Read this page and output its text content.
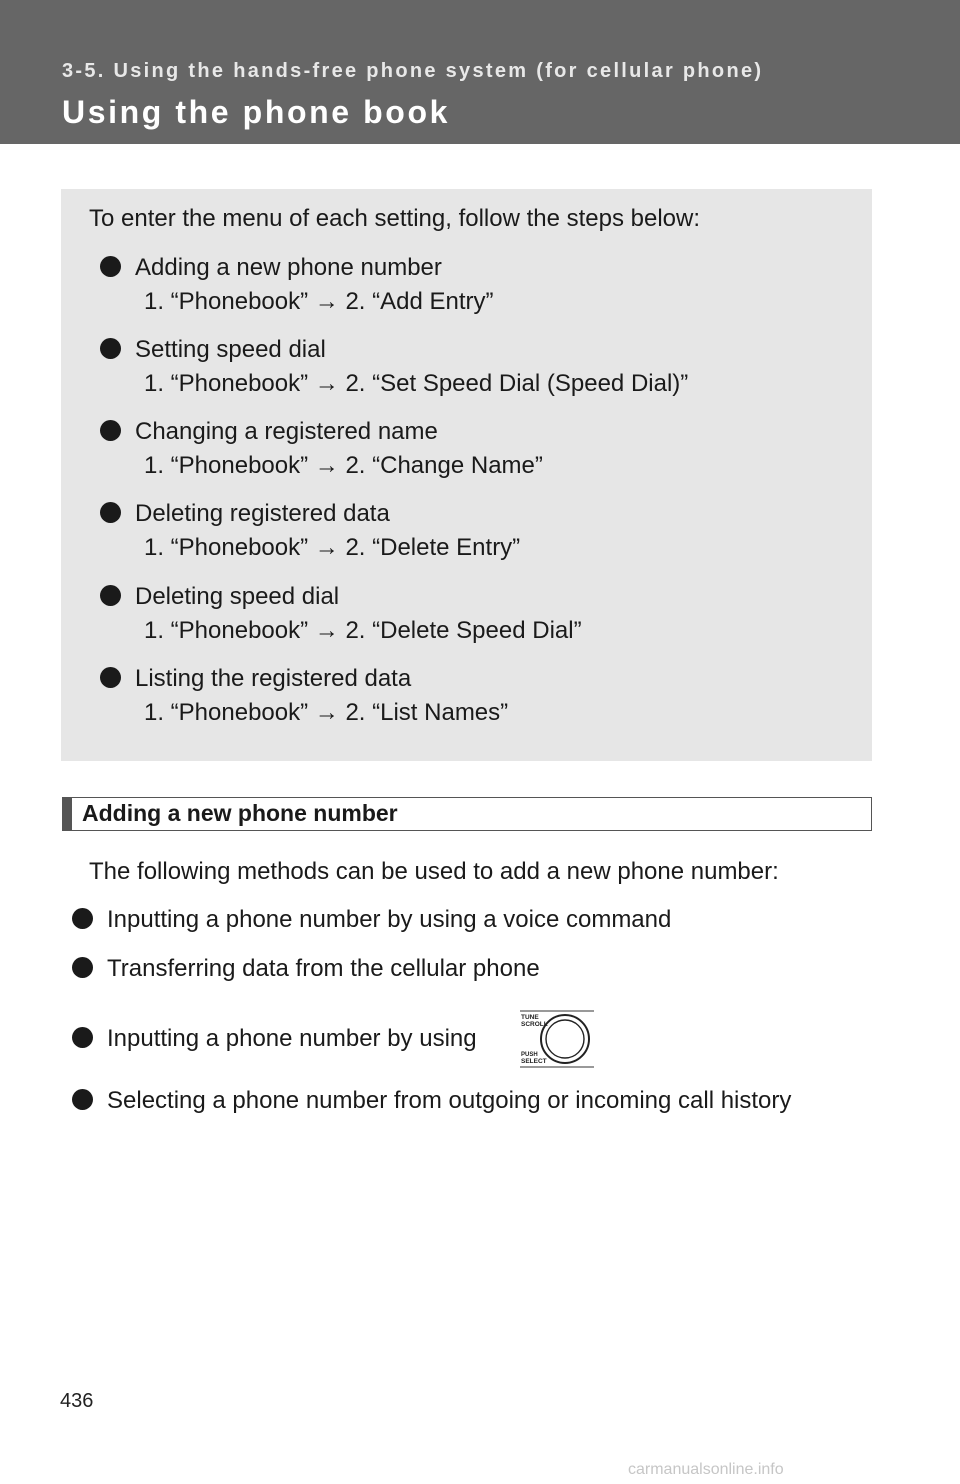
3-5. Using the hands-free phone system (for cellular phone)
Using the phone book
To enter the menu of each setting, follow the steps below:
Adding a new phone number
1. “Phonebook” → 2. “Add Entry”
Setting speed dial
1. “Phonebook” → 2. “Set Speed Dial (Speed Dial)”
Changing a registered name
1. “Phonebook” → 2. “Change Name”
Deleting registered data
1. “Phonebook” → 2. “Delete Entry”
Deleting speed dial
1. “Phonebook” → 2. “Delete Speed Dial”
Listing the registered data
1. “Phonebook” → 2. “List Names”
Adding a new phone number
The following methods can be used to add a new phone number:
Inputting a phone number by using a voice command
Transferring data from the cellular phone
Inputting a phone number by using
Selecting a phone number from outgoing or incoming call history
TUNE
SCROLL
PUSH
SELECT
436
carmanualsonline.info
